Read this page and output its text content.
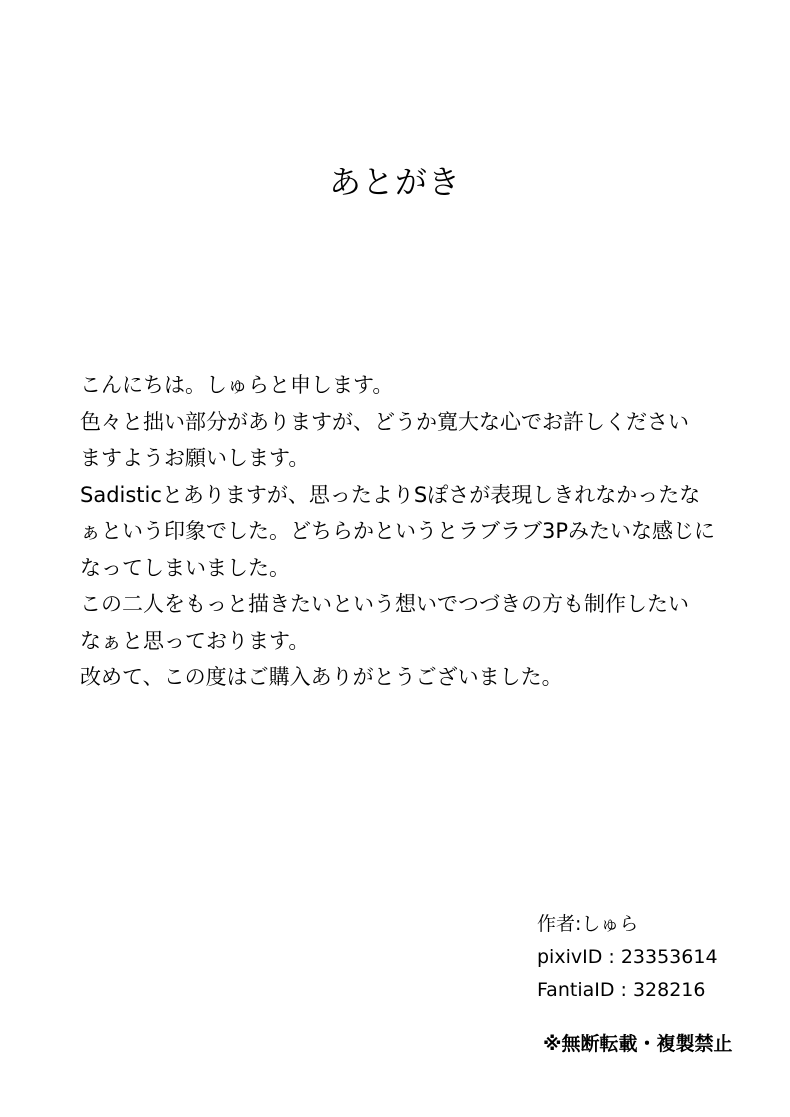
あとがき
こんにちは。しゅらと申します。
色々と拙い部分がありますが、どうか寛大な心でお許しください
ますようお願いします。
Sadisticとありますが、思ったよりSぽさが表現しきれなかったな
ぁという印象でした。どちらかというとラブラブ3Pみたいな感じに
なってしまいました。
この二人をもっと描きたいという想いでつづきの方も制作したい
なぁと思っております。
改めて、この度はご購入ありがとうございました。
作者:しゅら
pixivID : 23353614
FantiaID : 328216
※無断転載・複製禁止
